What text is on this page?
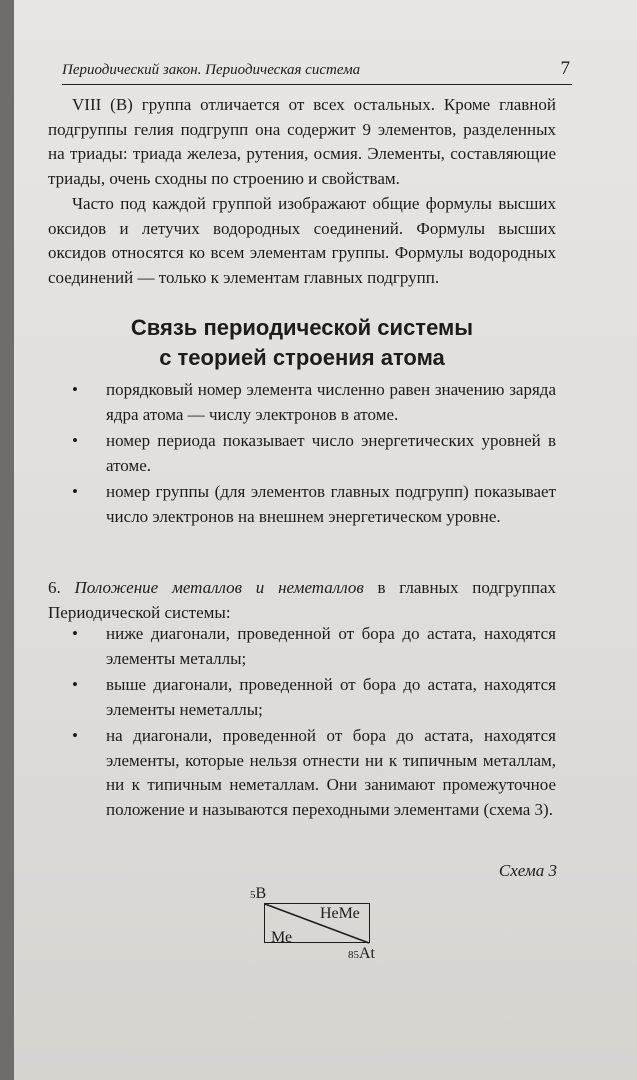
Периодический закон. Периодическая система	7
VIII (B) группа отличается от всех остальных. Кроме главной подгруппы гелия подгрупп она содержит 9 элементов, разделенных на триады: триада железа, рутения, осмия. Элементы, составляющие триады, очень сходны по строению и свойствам.
Часто под каждой группой изображают общие формулы высших оксидов и летучих водородных соединений. Формулы высших оксидов относятся ко всем элементам группы. Формулы водородных соединений — только к элементам главных подгрупп.
Связь периодической системы
с теорией строения атома
• порядковый номер элемента численно равен значению заряда ядра атома — числу электронов в атоме.
• номер периода показывает число энергетических уровней в атоме.
• номер группы (для элементов главных подгрупп) показывает число электронов на внешнем энергетическом уровне.
6. Положение металлов и неметаллов в главных подгруппах Периодической системы:
• ниже диагонали, проведенной от бора до астата, находятся элементы металлы;
• выше диагонали, проведенной от бора до астата, находятся элементы неметаллы;
• на диагонали, проведенной от бора до астата, находятся элементы, которые нельзя отнести ни к типичным металлам, ни к типичным неметаллам. Они занимают промежуточное положение и называются переходными элементами (схема 3).
Схема 3
5B
НеМе
Ме
85At
